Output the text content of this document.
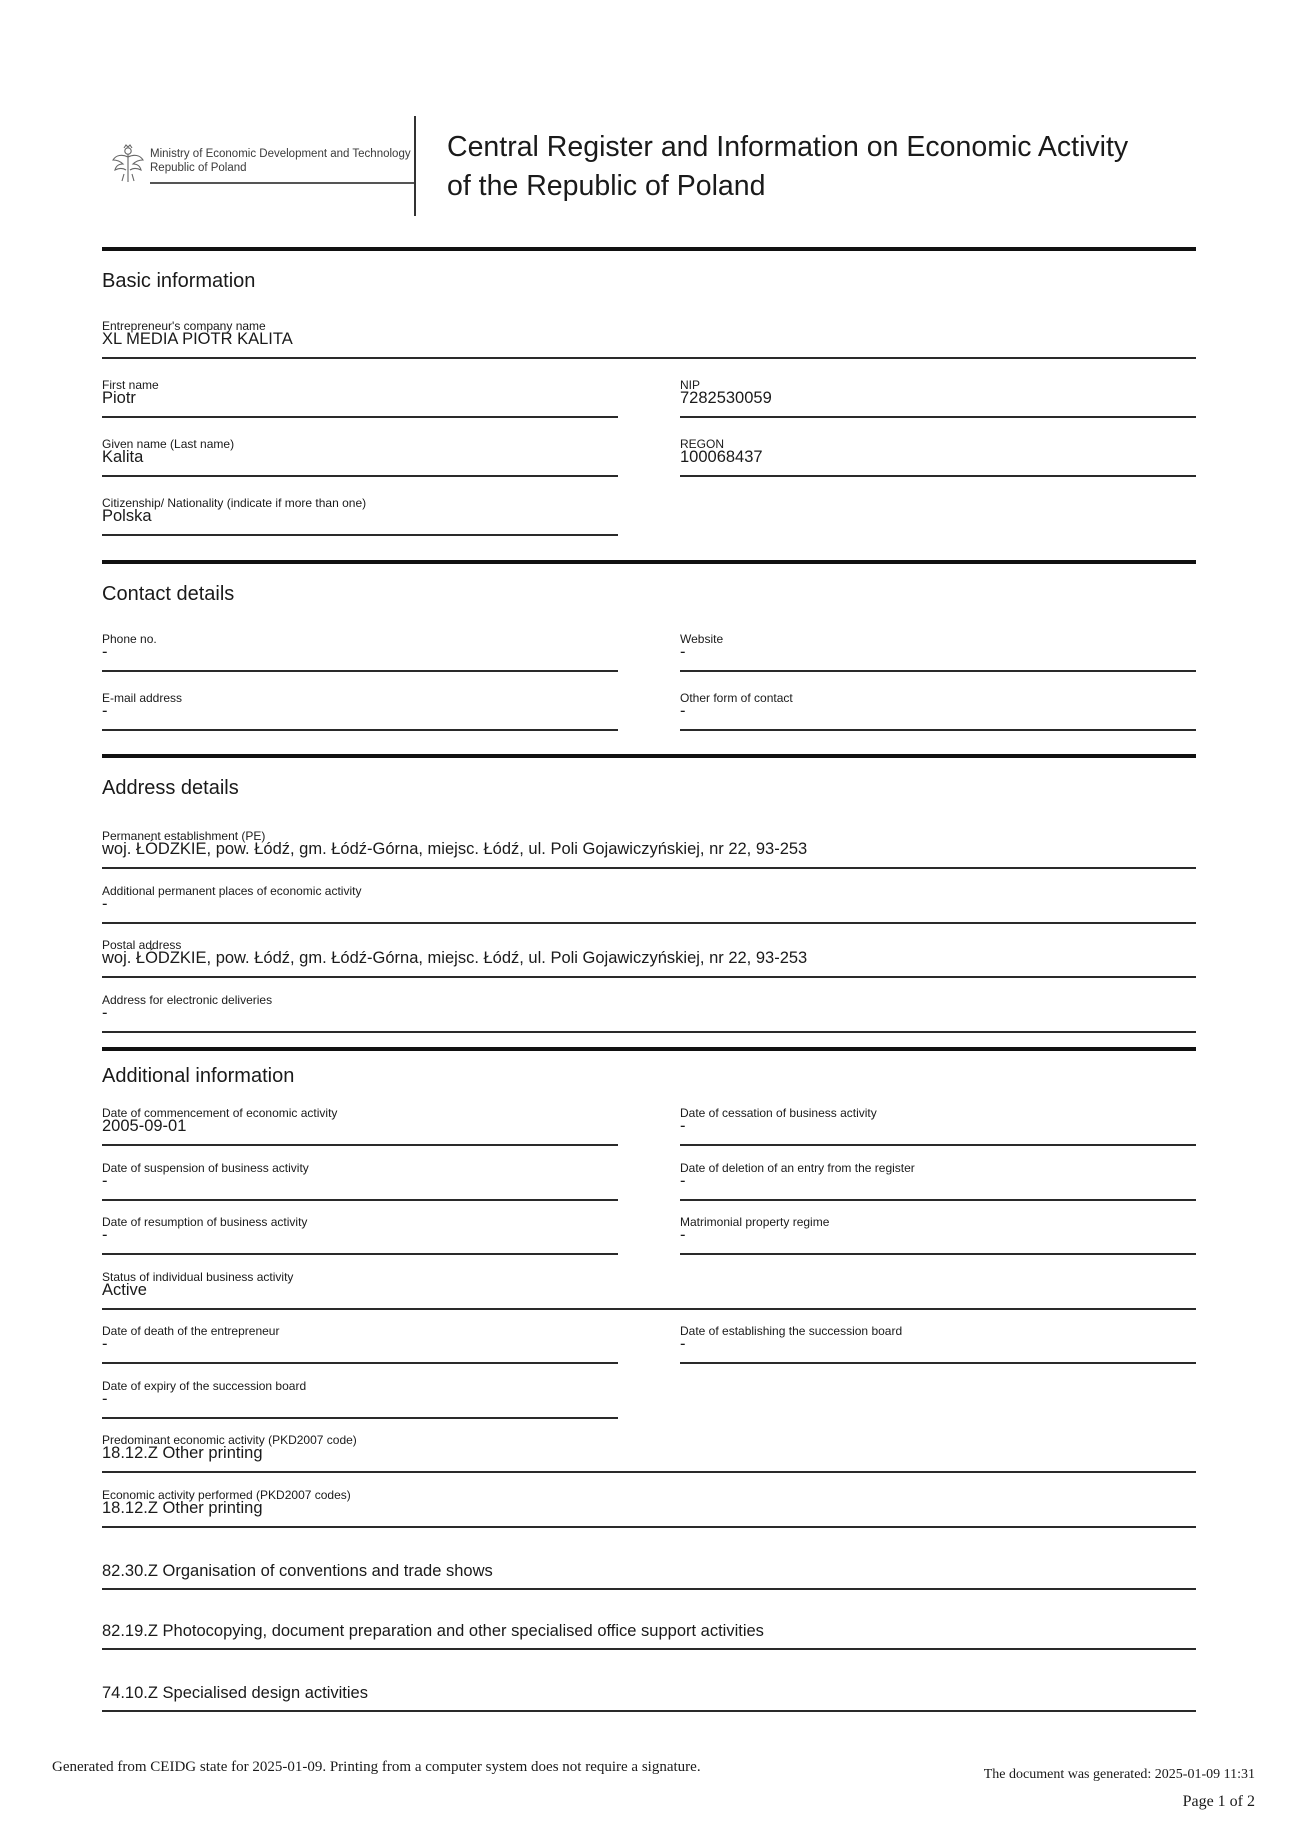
Ministry of Economic Development and Technology
Republic of Poland
Central Register and Information on Economic Activity of the Republic of Poland
Basic information
Entrepreneur's company name
XL MEDIA PIOTR KALITA
First name
Piotr
NIP
7282530059
Given name (Last name)
Kalita
REGON
100068437
Citizenship/ Nationality (indicate if more than one)
Polska
Contact details
Phone no.
-
Website
-
E-mail address
-
Other form of contact
-
Address details
Permanent establishment (PE)
woj. ŁÓDZKIE, pow. Łódź, gm. Łódź-Górna, miejsc. Łódź, ul. Poli Gojawiczyńskiej, nr 22, 93-253
Additional permanent places of economic activity
-
Postal address
woj. ŁÓDZKIE, pow. Łódź, gm. Łódź-Górna, miejsc. Łódź, ul. Poli Gojawiczyńskiej, nr 22, 93-253
Address for electronic deliveries
-
Additional information
Date of commencement of economic activity
2005-09-01
Date of cessation of business activity
-
Date of suspension of business activity
-
Date of deletion of an entry from the register
-
Date of resumption of business activity
-
Matrimonial property regime
-
Status of individual business activity
Active
Date of death of the entrepreneur
-
Date of establishing the succession board
-
Date of expiry of the succession board
-
Predominant economic activity (PKD2007 code)
18.12.Z Other printing
Economic activity performed (PKD2007 codes)
18.12.Z Other printing
82.30.Z Organisation of conventions and trade shows
82.19.Z Photocopying, document preparation and other specialised office support activities
74.10.Z Specialised design activities
Generated from CEIDG state for 2025-01-09. Printing from a computer system does not require a signature.	The document was generated: 2025-01-09 11:31
Page 1 of 2
